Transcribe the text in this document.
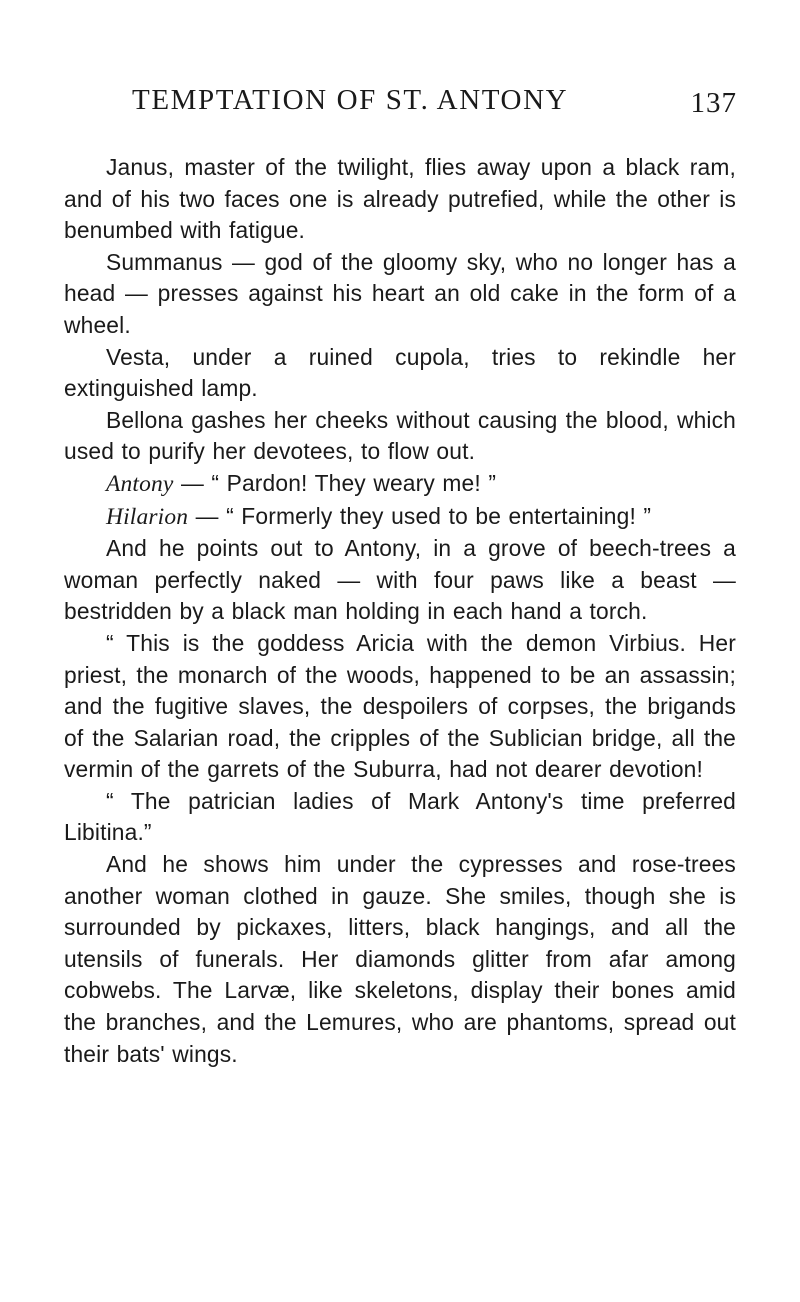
TEMPTATION OF ST. ANTONY	137

Janus, master of the twilight, flies away upon a black ram, and of his two faces one is already putrefied, while the other is benumbed with fatigue.

Summanus — god of the gloomy sky, who no longer has a head — presses against his heart an old cake in the form of a wheel.

Vesta, under a ruined cupola, tries to rekindle her extinguished lamp.

Bellona gashes her cheeks without causing the blood, which used to purify her devotees, to flow out.

Antony — “ Pardon! They weary me! ”

Hilarion — “ Formerly they used to be entertaining! ”

And he points out to Antony, in a grove of beech-trees a woman perfectly naked — with four paws like a beast — bestridden by a black man holding in each hand a torch.

“ This is the goddess Aricia with the demon Virbius. Her priest, the monarch of the woods, happened to be an assassin; and the fugitive slaves, the despoilers of corpses, the brigands of the Salarian road, the cripples of the Sublician bridge, all the vermin of the garrets of the Suburra, had not dearer devotion!

“ The patrician ladies of Mark Antony's time preferred Libitina.”

And he shows him under the cypresses and rose-trees another woman clothed in gauze. She smiles, though she is surrounded by pickaxes, litters, black hangings, and all the utensils of funerals. Her diamonds glitter from afar among cobwebs. The Larvæ, like skeletons, display their bones amid the branches, and the Lemures, who are phantoms, spread out their bats' wings.
